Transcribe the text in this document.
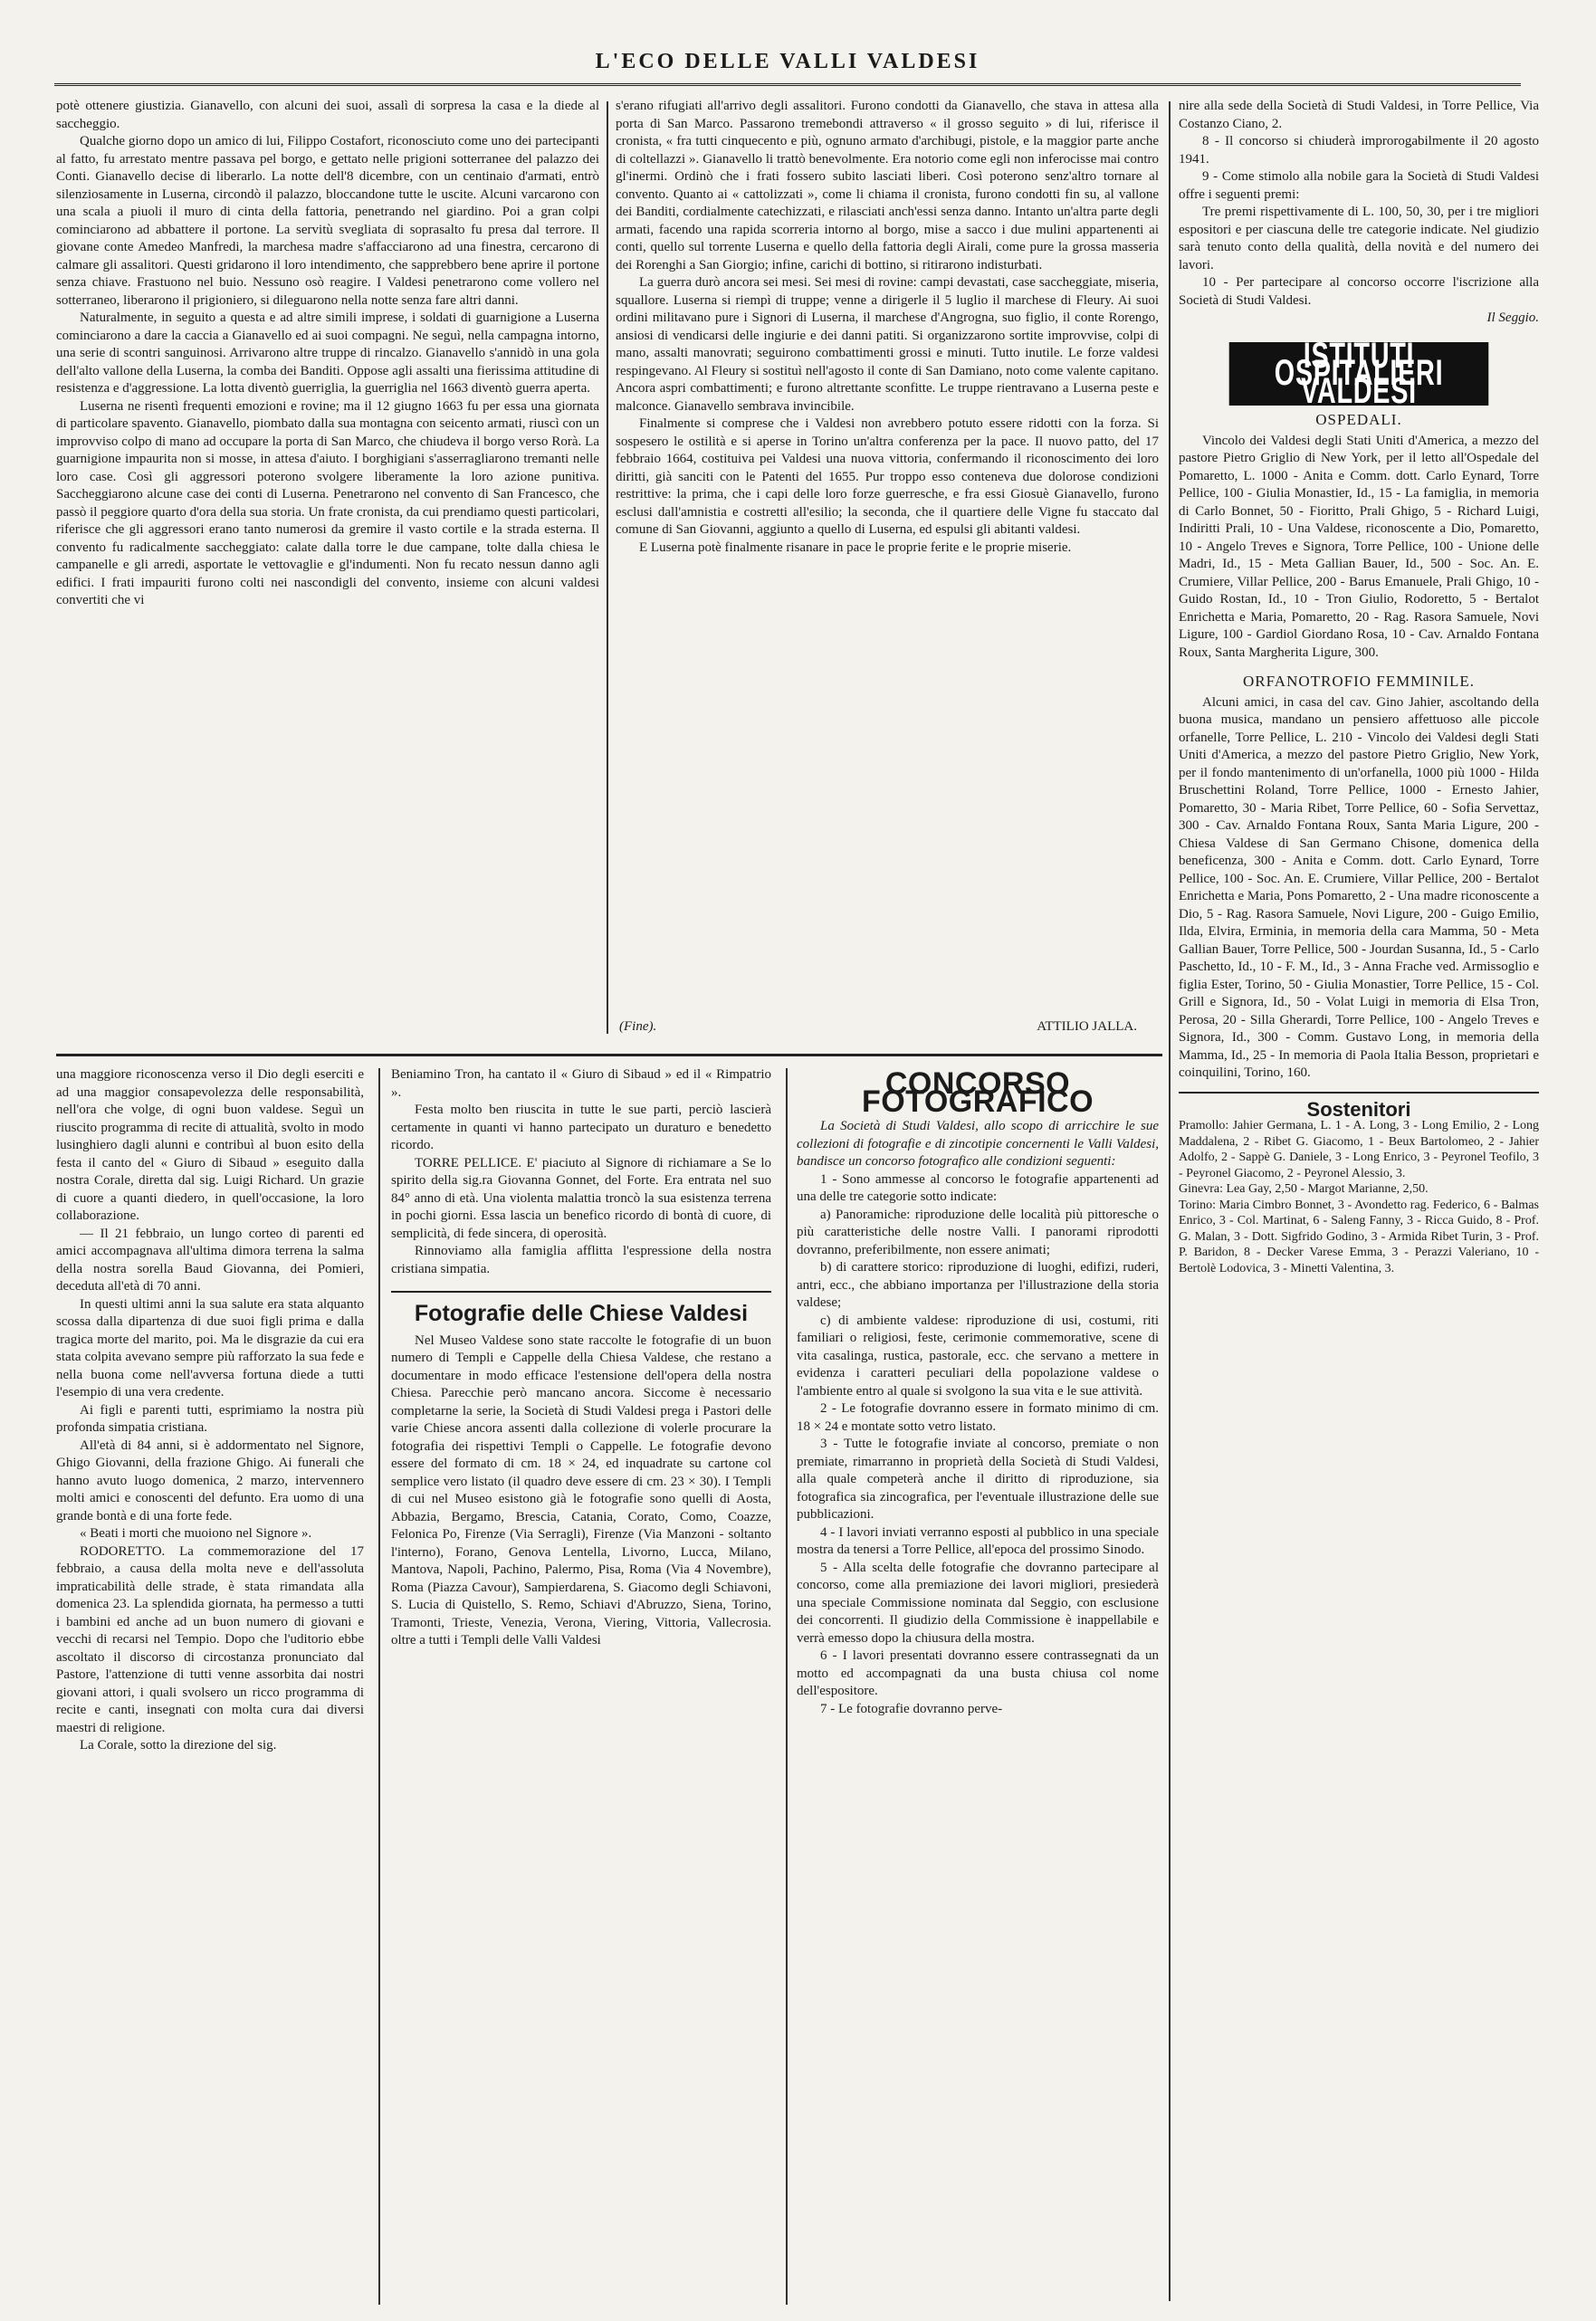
L'ECO DELLE VALLI VALDESI

potè ottenere giustizia. Gianavello, con alcuni dei suoi, assalì di sorpresa la casa e la diede al saccheggio.

Qualche giorno dopo un amico di lui, Filippo Costafort, riconosciuto come uno dei partecipanti al fatto, fu arrestato mentre passava pel borgo, e gettato nelle prigioni sotterranee del palazzo dei Conti. Gianavello decise di liberarlo. La notte dell'8 dicembre, con un centinaio d'armati, entrò silenziosamente in Luserna, circondò il palazzo, bloccandone tutte le uscite. Alcuni varcarono con una scala a piuoli il muro di cinta della fattoria, penetrando nel giardino. Poi a gran colpi cominciarono ad abbattere il portone. La servitù svegliata di soprasalto fu presa dal terrore. Il giovane conte Amedeo Manfredi, la marchesa madre s'affacciarono ad una finestra, cercarono di calmare gli assalitori. Questi gridarono il loro intendimento, che sapprebbero bene aprire il portone senza chiave. Frastuono nel buio. Nessuno osò reagire. I Valdesi penetrarono come vollero nel sotterraneo, liberarono il prigioniero, si dileguarono nella notte senza fare altri danni.

Naturalmente, in seguito a questa e ad altre simili imprese, i soldati di guarnigione a Luserna cominciarono a dare la caccia a Gianavello ed ai suoi compagni. Ne seguì, nella campagna intorno, una serie di scontri sanguinosi. Arrivarono altre truppe di rincalzo. Gianavello s'annidò in una gola dell'alto vallone della Luserna, la comba dei Banditi. Oppose agli assalti una fierissima attitudine di resistenza e d'aggressione. La lotta diventò guerriglia, la guerriglia nel 1663 diventò guerra aperta.

Luserna ne risentì frequenti emozioni e rovine; ma il 12 giugno 1663 fu per essa una giornata di particolare spavento. Gianavello, piombato dalla sua montagna con seicento armati, riuscì con un improvviso colpo di mano ad occupare la porta di San Marco, che chiudeva il borgo verso Rorà. La guarnigione impaurita non si mosse, in attesa d'aiuto. I borghigiani s'asserragliarono tremanti nelle loro case. Così gli aggressori poterono svolgere liberamente la loro azione punitiva. Saccheggiarono alcune case dei conti di Luserna. Penetrarono nel convento di San Francesco, che passò il peggiore quarto d'ora della sua storia. Un frate cronista, da cui prendiamo questi particolari, riferisce che gli aggressori erano tanto numerosi da gremire il vasto cortile e la strada esterna. Il convento fu radicalmente saccheggiato: calate dalla torre le due campane, tolte dalla chiesa le campanelle e gli arredi, asportate le vettovaglie e gl'indumenti. Non fu recato nessun danno agli edifici. I frati impauriti furono colti nei nascondigli del convento, insieme con alcuni valdesi convertiti che vi

s'erano rifugiati all'arrivo degli assalitori. Furono condotti da Gianavello, che stava in attesa alla porta di San Marco. Passarono tremebondi attraverso « il grosso seguito » di lui, riferisce il cronista, « fra tutti cinquecento e più, ognuno armato d'archibugi, pistole, e la maggior parte anche di coltellazzi ». Gianavello li trattò benevolmente. Era notorio come egli non inferocisse mai contro gl'inermi. Ordinò che i frati fossero subito lasciati liberi. Così poterono senz'altro tornare al convento. Quanto ai « cattolizzati », come li chiama il cronista, furono condotti fin su, al vallone dei Banditi, cordialmente catechizzati, e rilasciati anch'essi senza danno. Intanto un'altra parte degli armati, facendo una rapida scorreria intorno al borgo, mise a sacco i due mulini appartenenti ai conti, quello sul torrente Luserna e quello della fattoria degli Airali, come pure la grossa masseria dei Rorenghi a San Giorgio; infine, carichi di bottino, si ritirarono indisturbati.

La guerra durò ancora sei mesi. Sei mesi di rovine: campi devastati, case saccheggiate, miseria, squallore. Luserna si riempì di truppe; venne a dirigerle il 5 luglio il marchese di Fleury. Ai suoi ordini militavano pure i Signori di Luserna, il marchese d'Angrogna, suo figlio, il conte Rorengo, ansiosi di vendicarsi delle ingiurie e dei danni patiti. Si organizzarono sortite improvvise, colpi di mano, assalti manovrati; seguirono combattimenti grossi e minuti. Tutto inutile. Le forze valdesi respingevano. Al Fleury si sostituì nell'agosto il conte di San Damiano, noto come valente capitano. Ancora aspri combattimenti; e furono altrettante sconfitte. Le truppe rientravano a Luserna peste e malconce. Gianavello sembrava invincibile.

Finalmente si comprese che i Valdesi non avrebbero potuto essere ridotti con la forza. Si sospesero le ostilità e si aperse in Torino un'altra conferenza per la pace. Il nuovo patto, del 17 febbraio 1664, costituiva pei Valdesi una nuova vittoria, confermando il riconoscimento dei loro diritti, già sanciti con le Patenti del 1655. Pur troppo esso conteneva due dolorose condizioni restrittive: la prima, che i capi delle loro forze guerresche, e fra essi Giosuè Gianavello, furono esclusi dall'amnistia e costretti all'esilio; la seconda, che il quartiere delle Vigne fu staccato dal comune di San Giovanni, aggiunto a quello di Luserna, ed espulsi gli abitanti valdesi.

E Luserna potè finalmente risanare in pace le proprie ferite e le proprie miserie.

(Fine).	ATTILIO JALLA.

nire alla sede della Società di Studi Valdesi, in Torre Pellice, Via Costanzo Ciano, 2.

8 - Il concorso si chiuderà improrogabilmente il 20 agosto 1941.

9 - Come stimolo alla nobile gara la Società di Studi Valdesi offre i seguenti premi:

Tre premi rispettivamente di L. 100, 50, 30, per i tre migliori espositori e per ciascuna delle tre categorie indicate. Nel giudizio sarà tenuto conto della qualità, della novità e del numero dei lavori.

10 - Per partecipare al concorso occorre l'iscrizione alla Società di Studi Valdesi.

Il Seggio.
ISTITUTI OSPITALIERI VALDESI
OSPEDALI.

Vincolo dei Valdesi degli Stati Uniti d'America, a mezzo del pastore Pietro Griglio di New York, per il letto all'Ospedale del Pomaretto, L. 1000 - Anita e Comm. dott. Carlo Eynard, Torre Pellice, 100 - Giulia Monastier, Id., 15 - La famiglia, in memoria di Carlo Bonnet, 50 - Fioritto, Prali Ghigo, 5 - Richard Luigi, Indiritti Prali, 10 - Una Valdese, riconoscente a Dio, Pomaretto, 10 - Angelo Treves e Signora, Torre Pellice, 100 - Unione delle Madri, Id., 15 - Meta Gallian Bauer, Id., 500 - Soc. An. E. Crumiere, Villar Pellice, 200 - Barus Emanuele, Prali Ghigo, 10 - Guido Rostan, Id., 10 - Tron Giulio, Rodoretto, 5 - Bertalot Enrichetta e Maria, Pomaretto, 20 - Rag. Rasora Samuele, Novi Ligure, 100 - Gardiol Giordano Rosa, 10 - Cav. Arnaldo Fontana Roux, Santa Margherita Ligure, 300.

ORFANOTROFIO FEMMINILE.

Alcuni amici, in casa del cav. Gino Jahier, ascoltando della buona musica, mandano un pensiero affettuoso alle piccole orfanelle, Torre Pellice, L. 210 - Vincolo dei Valdesi degli Stati Uniti d'America, a mezzo del pastore Pietro Griglio, New York, per il fondo mantenimento di un'orfanella, 1000 più 1000 - Hilda Bruschettini Roland, Torre Pellice, 1000 - Ernesto Jahier, Pomaretto, 30 - Maria Ribet, Torre Pellice, 60 - Sofia Servettaz, 300 - Cav. Arnaldo Fontana Roux, Santa Maria Ligure, 200 - Chiesa Valdese di San Germano Chisone, domenica della beneficenza, 300 - Anita e Comm. dott. Carlo Eynard, Torre Pellice, 100 - Soc. An. E. Crumiere, Villar Pellice, 200 - Bertalot Enrichetta e Maria, Pons Pomaretto, 2 - Una madre riconoscente a Dio, 5 - Rag. Rasora Samuele, Novi Ligure, 200 - Guigo Emilio, Ilda, Elvira, Erminia, in memoria della cara Mamma, 50 - Meta Gallian Bauer, Torre Pellice, 500 - Jourdan Susanna, Id., 5 - Carlo Paschetto, Id., 10 - F. M., Id., 3 - Anna Frache ved. Armissoglio e figlia Ester, Torino, 50 - Giulia Monastier, Torre Pellice, 15 - Col. Grill e Signora, Id., 50 - Volat Luigi in memoria di Elsa Tron, Perosa, 20 - Silla Gherardi, Torre Pellice, 100 - Angelo Treves e Signora, Id., 300 - Comm. Gustavo Long, in memoria della Mamma, Id., 25 - In memoria di Paola Italia Besson, proprietari e coinquilini, Torino, 160.

Sostenitori

Pramollo: Jahier Germana, L. 1 - A. Long, 3 - Long Emilio, 2 - Long Maddalena, 2 - Ribet G. Giacomo, 1 - Beux Bartolomeo, 2 - Jahier Adolfo, 2 - Sappè G. Daniele, 3 - Long Enrico, 3 - Peyronel Teofilo, 3 - Peyronel Giacomo, 2 - Peyronel Alessio, 3.

Ginevra: Lea Gay, 2,50 - Margot Marianne, 2,50.

Torino: Maria Cimbro Bonnet, 3 - Avondetto rag. Federico, 6 - Balmas Enrico, 3 - Col. Martinat, 6 - Saleng Fanny, 3 - Ricca Guido, 8 - Prof. G. Malan, 3 - Dott. Sigfrido Godino, 3 - Armida Ribet Turin, 3 - Prof. P. Baridon, 8 - Decker Varese Emma, 3 - Perazzi Valeriano, 10 - Bertolè Lodovica, 3 - Minetti Valentina, 3.

una maggiore riconoscenza verso il Dio degli eserciti e ad una maggior consapevolezza delle responsabilità, nell'ora che volge, di ogni buon valdese. Seguì un riuscito programma di recite di attualità, svolto in modo lusinghiero dagli alunni e contribuì al buon esito della festa il canto del « Giuro di Sibaud » eseguito dalla nostra Corale, diretta dal sig. Luigi Richard. Un grazie di cuore a quanti diedero, in quell'occasione, la loro collaborazione.

— Il 21 febbraio, un lungo corteo di parenti ed amici accompagnava all'ultima dimora terrena la salma della nostra sorella Baud Giovanna, dei Pomieri, deceduta all'età di 70 anni.

In questi ultimi anni la sua salute era stata alquanto scossa dalla dipartenza di due suoi figli prima e dalla tragica morte del marito, poi. Ma le disgrazie da cui era stata colpita avevano sempre più rafforzato la sua fede e nella buona come nell'avversa fortuna diede a tutti l'esempio di una vera credente.

Ai figli e parenti tutti, esprimiamo la nostra più profonda simpatia cristiana.

All'età di 84 anni, si è addormentato nel Signore, Ghigo Giovanni, della frazione Ghigo. Ai funerali che hanno avuto luogo domenica, 2 marzo, intervennero molti amici e conoscenti del defunto. Era uomo di una grande bontà e di una forte fede.

« Beati i morti che muoiono nel Signore ».

RODORETTO. La commemorazione del 17 febbraio, a causa della molta neve e dell'assoluta impraticabilità delle strade, è stata rimandata alla domenica 23. La splendida giornata, ha permesso a tutti i bambini ed anche ad un buon numero di giovani e vecchi di recarsi nel Tempio. Dopo che l'uditorio ebbe ascoltato il discorso di circostanza pronunciato dal Pastore, l'attenzione di tutti venne assorbita dai nostri giovani attori, i quali svolsero un ricco programma di recite e canti, insegnati con molta cura dai diversi maestri di religione.

La Corale, sotto la direzione del sig.

Beniamino Tron, ha cantato il « Giuro di Sibaud » ed il « Rimpatrio ».

Festa molto ben riuscita in tutte le sue parti, perciò lascierà certamente in quanti vi hanno partecipato un duraturo e benedetto ricordo.

TORRE PELLICE. E' piaciuto al Signore di richiamare a Se lo spirito della sig.ra Giovanna Gonnet, del Forte. Era entrata nel suo 84° anno di età. Una violenta malattia troncò la sua esistenza terrena in pochi giorni. Essa lascia un benefico ricordo di bontà di cuore, di semplicità, di fede sincera, di operosità.

Rinnoviamo alla famiglia afflitta l'espressione della nostra cristiana simpatia.

Fotografie delle Chiese Valdesi

Nel Museo Valdese sono state raccolte le fotografie di un buon numero di Templi e Cappelle della Chiesa Valdese, che restano a documentare in modo efficace l'estensione dell'opera della nostra Chiesa. Parecchie però mancano ancora. Siccome è necessario completarne la serie, la Società di Studi Valdesi prega i Pastori delle varie Chiese ancora assenti dalla collezione di volerle procurare la fotografia dei rispettivi Templi o Cappelle. Le fotografie devono essere del formato di cm. 18 × 24, ed inquadrate su cartone col semplice vero listato (il quadro deve essere di cm. 23 × 30). I Templi di cui nel Museo esistono già le fotografie sono quelli di Aosta, Abbazia, Bergamo, Brescia, Catania, Corato, Como, Coazze, Felonica Po, Firenze (Via Serragli), Firenze (Via Manzoni - soltanto l'interno), Forano, Genova Lentella, Livorno, Lucca, Milano, Mantova, Napoli, Pachino, Palermo, Pisa, Roma (Via 4 Novembre), Roma (Piazza Cavour), Sampierdarena, S. Giacomo degli Schiavoni, S. Lucia di Quistello, S. Remo, Schiavi d'Abruzzo, Siena, Torino, Tramonti, Trieste, Venezia, Verona, Viering, Vittoria, Vallecrosia. oltre a tutti i Templi delle Valli Valdesi

CONCORSO FOTOGRAFICO

La Società di Studi Valdesi, allo scopo di arricchire le sue collezioni di fotografie e di zincotipie concernenti le Valli Valdesi, bandisce un concorso fotografico alle condizioni seguenti:

1 - Sono ammesse al concorso le fotografie appartenenti ad una delle tre categorie sotto indicate:

a) Panoramiche: riproduzione delle località più pittoresche o più caratteristiche delle nostre Valli. I panorami riprodotti dovranno, preferibilmente, non essere animati;

b) di carattere storico: riproduzione di luoghi, edifizi, ruderi, antri, ecc., che abbiano importanza per l'illustrazione della storia valdese;

c) di ambiente valdese: riproduzione di usi, costumi, riti familiari o religiosi, feste, cerimonie commemorative, scene di vita casalinga, rustica, pastorale, ecc. che servano a mettere in evidenza i caratteri peculiari della popolazione valdese o l'ambiente entro al quale si svolgono la sua vita e le sue attività.

2 - Le fotografie dovranno essere in formato minimo di cm. 18 × 24 e montate sotto vetro listato.

3 - Tutte le fotografie inviate al concorso, premiate o non premiate, rimarranno in proprietà della Società di Studi Valdesi, alla quale competerà anche il diritto di riproduzione, sia fotografica sia zincografica, per l'eventuale illustrazione delle sue pubblicazioni.

4 - I lavori inviati verranno esposti al pubblico in una speciale mostra da tenersi a Torre Pellice, all'epoca del prossimo Sinodo.

5 - Alla scelta delle fotografie che dovranno partecipare al concorso, come alla premiazione dei lavori migliori, presiederà una speciale Commissione nominata dal Seggio, con esclusione dei concorrenti. Il giudizio della Commissione è inappellabile e verrà emesso dopo la chiusura della mostra.

6 - I lavori presentati dovranno essere contrassegnati da un motto ed accompagnati da una busta chiusa col nome dell'espositore.

7 - Le fotografie dovranno perve-
